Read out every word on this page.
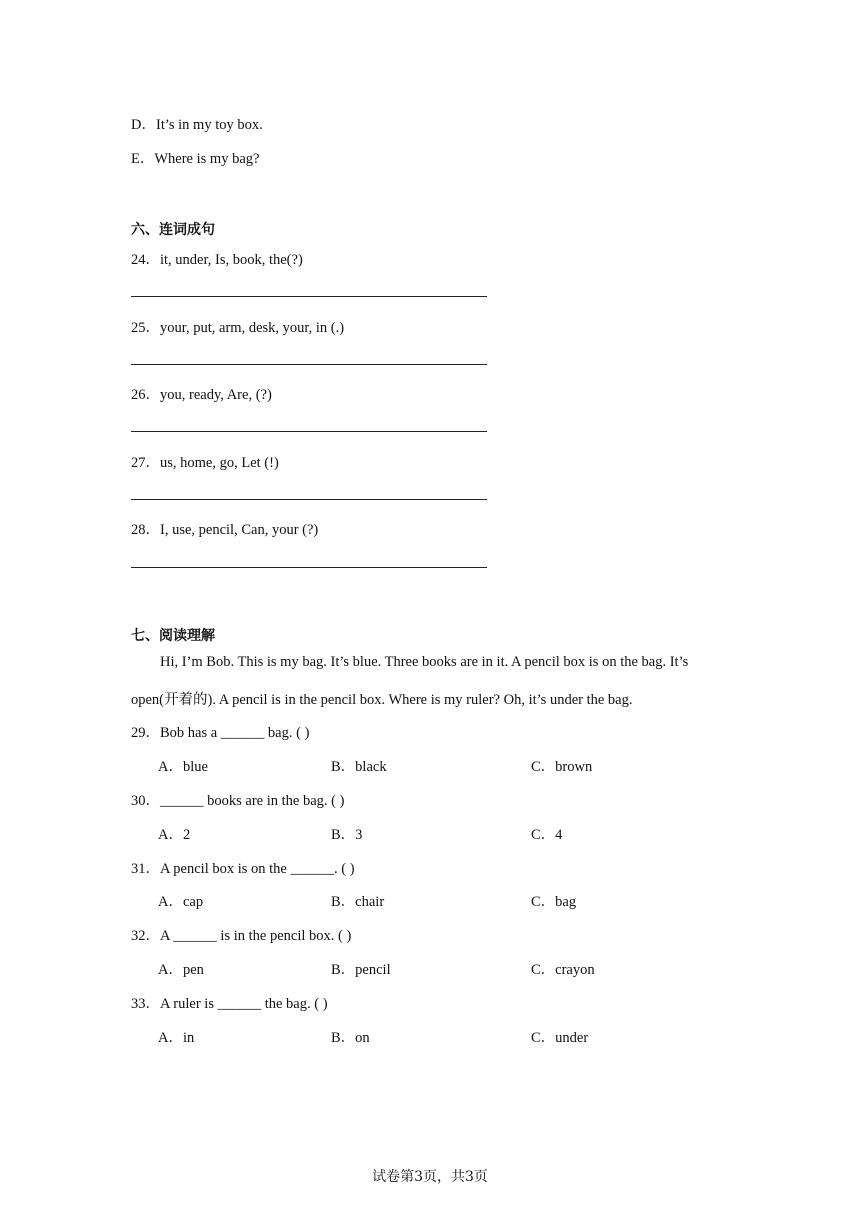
D．It’s in my toy box.
E．Where is my bag?
六、连词成句
24．it, under, Is, book, the(?)
25．your, put, arm, desk, your, in (.)
26．you, ready, Are, (?)
27．us, home, go, Let (!)
28．I, use, pencil, Can, your (?)
七、阅读理解
Hi, I’m Bob. This is my bag. It’s blue. Three books are in it. A pencil box is on the bag. It’s
open(开着的). A pencil is in the pencil box. Where is my ruler? Oh, it’s under the bag.
29．Bob has a ______ bag. ( )
A．blue	B．black	C．brown
30．______ books are in the bag. ( )
A．2	B．3	C．4
31．A pencil box is on the ______. ( )
A．cap	B．chair	C．bag
32．A ______ is in the pencil box. ( )
A．pen	B．pencil	C．crayon
33．A ruler is ______ the bag. ( )
A．in	B．on	C．under
试卷第3页，共3页
